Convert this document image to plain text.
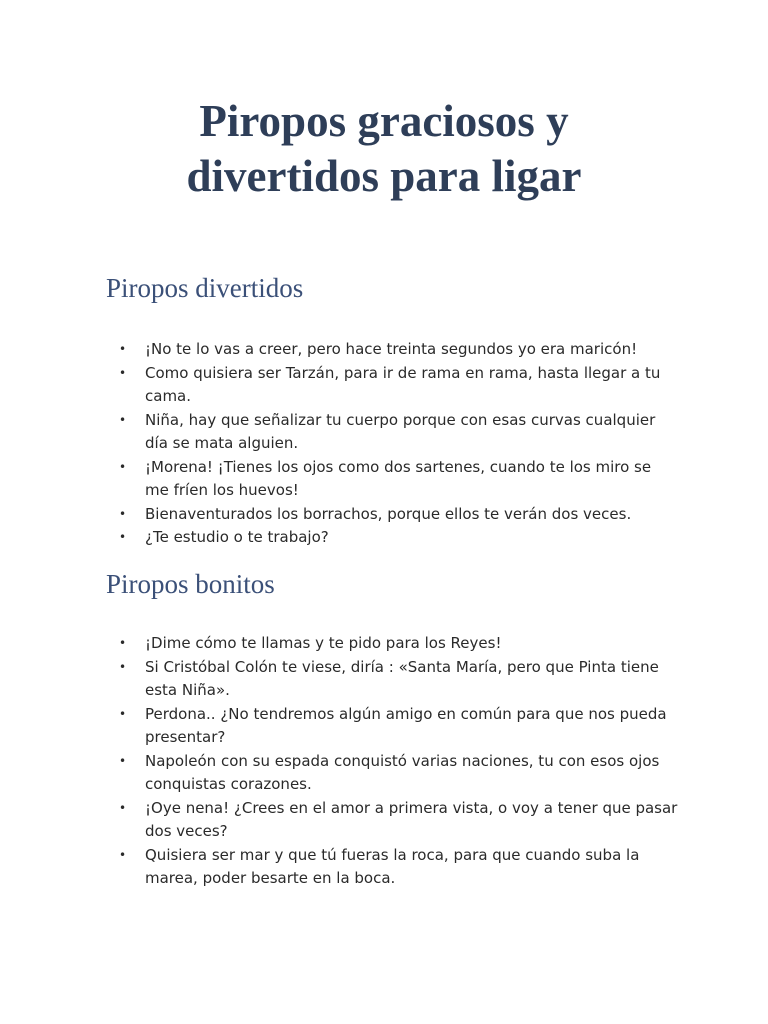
Piropos graciosos y
divertidos para ligar
Piropos divertidos
• ¡No te lo vas a creer, pero hace treinta segundos yo era maricón!
• Como quisiera ser Tarzán, para ir de rama en rama, hasta llegar a tu cama.
• Niña, hay que señalizar tu cuerpo porque con esas curvas cualquier día se mata alguien.
• ¡Morena! ¡Tienes los ojos como dos sartenes, cuando te los miro se me fríen los huevos!
• Bienaventurados los borrachos, porque ellos te verán dos veces.
• ¿Te estudio o te trabajo?
Piropos bonitos
• ¡Dime cómo te llamas y te pido para los Reyes!
• Si Cristóbal Colón te viese, diría : «Santa María, pero que Pinta tiene esta Niña».
• Perdona.. ¿No tendremos algún amigo en común para que nos pueda presentar?
• Napoleón con su espada conquistó varias naciones, tu con esos ojos conquistas corazones.
• ¡Oye nena! ¿Crees en el amor a primera vista, o voy a tener que pasar dos veces?
• Quisiera ser mar y que tú fueras la roca, para que cuando suba la marea, poder besarte en la boca.
